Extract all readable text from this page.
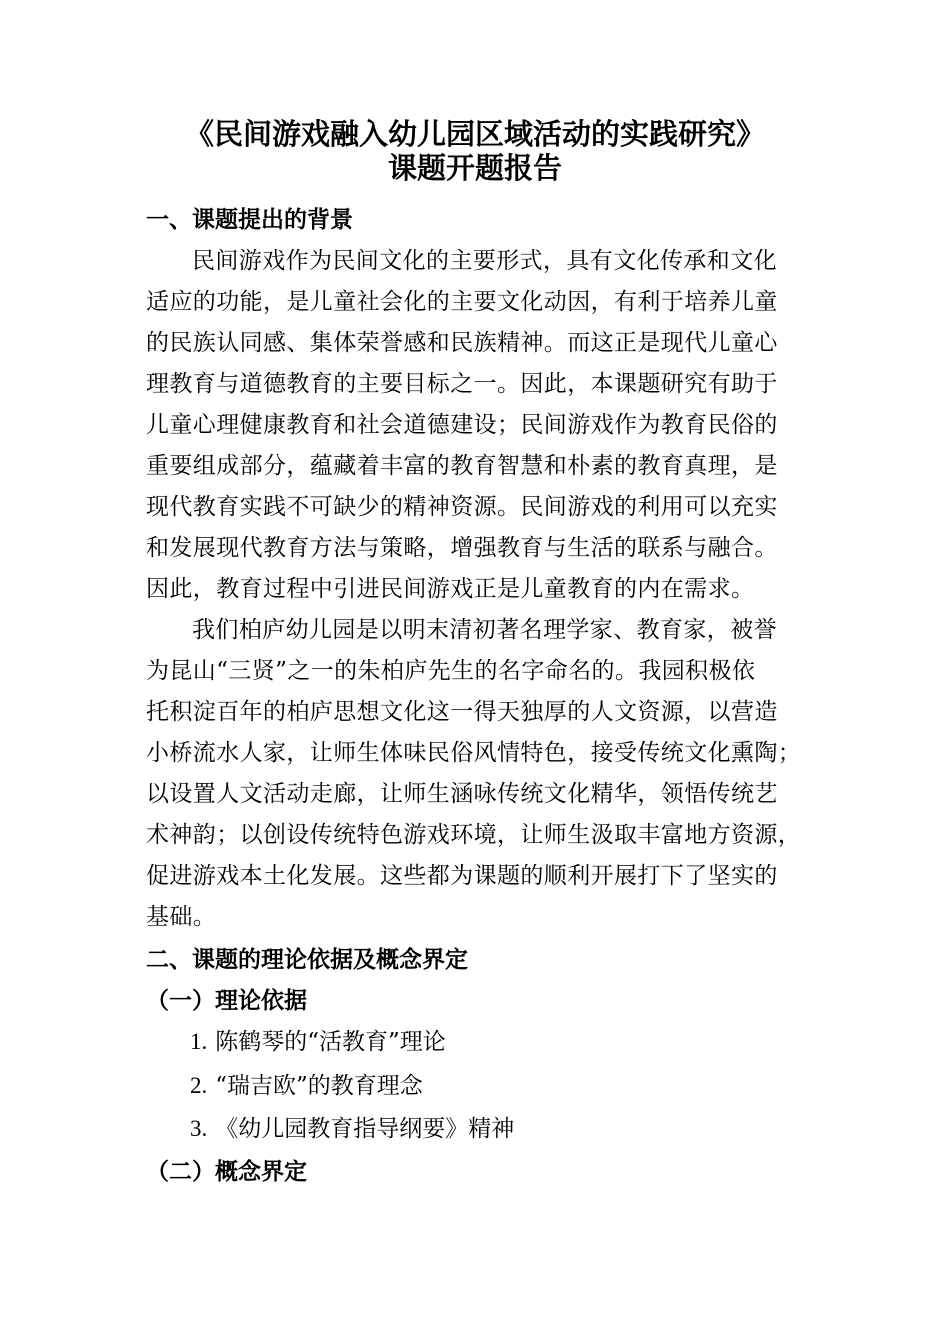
《民间游戏融入幼儿园区域活动的实践研究》
课题开题报告
一、课题提出的背景
民间游戏作为民间文化的主要形式，具有文化传承和文化
适应的功能，是儿童社会化的主要文化动因，有利于培养儿童
的民族认同感、集体荣誉感和民族精神。而这正是现代儿童心
理教育与道德教育的主要目标之一。因此，本课题研究有助于
儿童心理健康教育和社会道德建设；民间游戏作为教育民俗的
重要组成部分，蕴藏着丰富的教育智慧和朴素的教育真理，是
现代教育实践不可缺少的精神资源。民间游戏的利用可以充实
和发展现代教育方法与策略，增强教育与生活的联系与融合。
因此，教育过程中引进民间游戏正是儿童教育的内在需求。
我们柏庐幼儿园是以明末清初著名理学家、教育家，被誉
为昆山“三贤”之一的朱柏庐先生的名字命名的。我园积极依
托积淀百年的柏庐思想文化这一得天独厚的人文资源，以营造
小桥流水人家，让师生体味民俗风情特色，接受传统文化熏陶；
以设置人文活动走廊，让师生涵咏传统文化精华，领悟传统艺
术神韵；以创设传统特色游戏环境，让师生汲取丰富地方资源，
促进游戏本土化发展。这些都为课题的顺利开展打下了坚实的
基础。
二、课题的理论依据及概念界定
（一）理论依据
1. 陈鹤琴的“活教育”理论
2. “瑞吉欧”的教育理念
3. 《幼儿园教育指导纲要》精神
（二）概念界定
